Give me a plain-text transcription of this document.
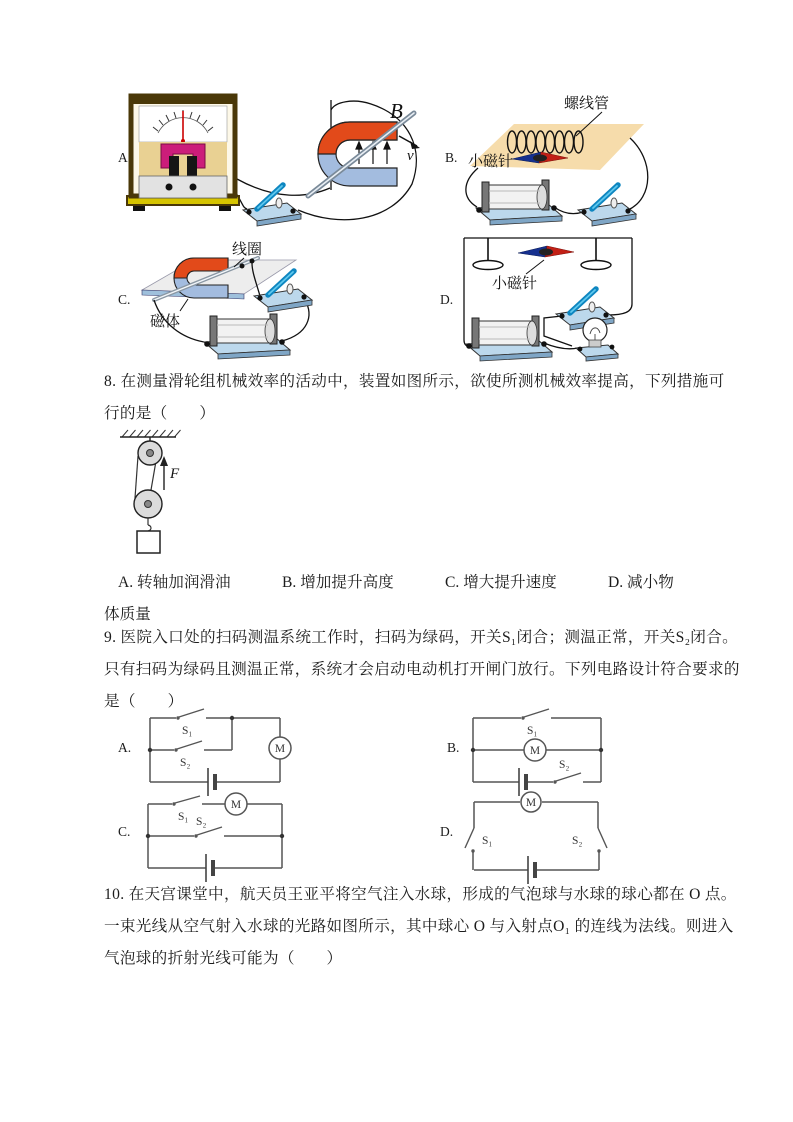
A.
B
v B.
螺线管
小磁针
C.
线圈
磁体
D.
小磁针
8. 在测量滑轮组机械效率的活动中，装置如图所示，欲使所测机械效率提高，下列措施可
行的是（　　）
F
A. 转轴加润滑油	B. 增加提升高度	C. 增大提升速度	D. 减小物
体质量
9. 医院入口处的扫码测温系统工作时，扫码为绿码，开关S₁闭合；测温正常，开关S₂闭合。
只有扫码为绿码且测温正常，系统才会启动电动机打开闸门放行。下列电路设计符合要求的
是（　　）
A.	M
S₁
S₂
B.	M
S₁
S₂
C.
M
S₁ S₂
D.
M
S₁	S₂
10. 在天宫课堂中，航天员王亚平将空气注入水球，形成的气泡球与水球的球心都在 O 点。
一束光线从空气射入水球的光路如图所示，其中球心 O 与入射点O₁ 的连线为法线。则进入
气泡球的折射光线可能为（　　）
